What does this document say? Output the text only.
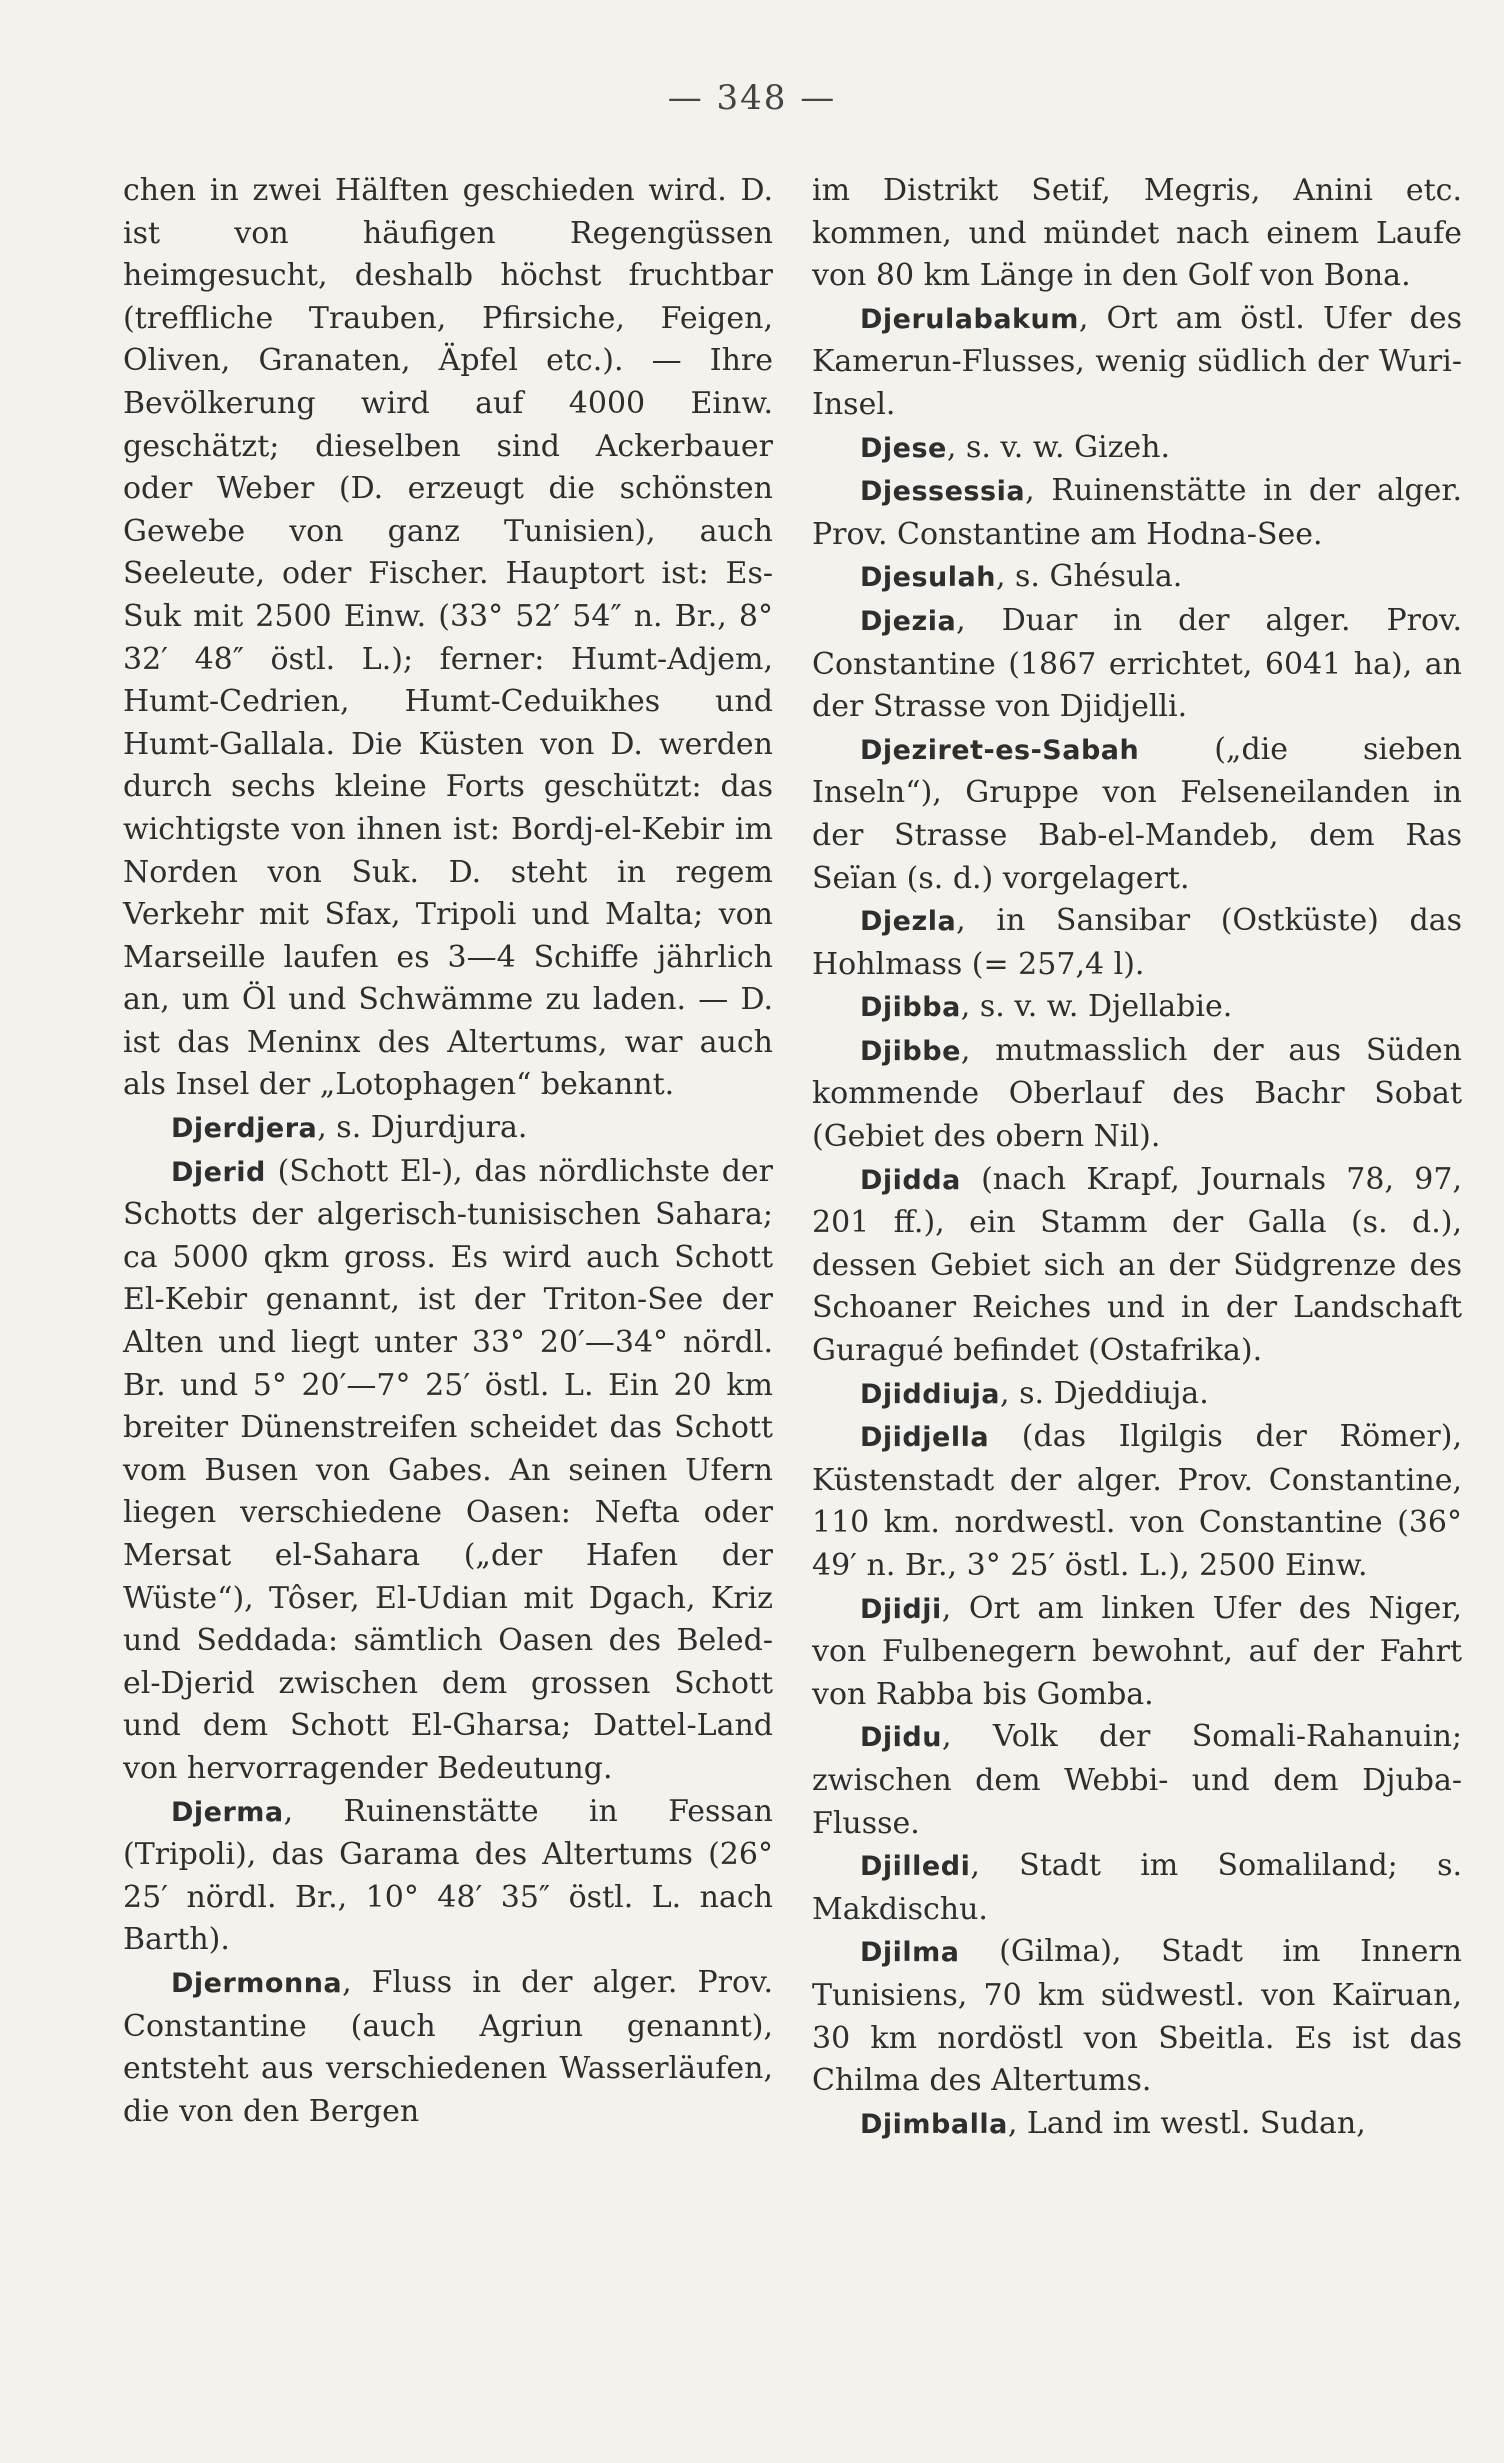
— 348 —

chen in zwei Hälften geschieden wird. D. ist von häufigen Regengüssen heimgesucht, deshalb höchst fruchtbar (treffliche Trauben, Pfirsiche, Feigen, Oliven, Granaten, Äpfel etc.). — Ihre Bevölkerung wird auf 4000 Einw. geschätzt; dieselben sind Ackerbauer oder Weber (D. erzeugt die schönsten Gewebe von ganz Tunisien), auch Seeleute, oder Fischer. Hauptort ist: Es-Suk mit 2500 Einw. (33° 52′ 54″ n. Br., 8° 32′ 48″ östl. L.); ferner: Humt-Adjem, Humt-Cedrien, Humt-Ceduikhes und Humt-Gallala. Die Küsten von D. werden durch sechs kleine Forts geschützt: das wichtigste von ihnen ist: Bordj-el-Kebir im Norden von Suk. D. steht in regem Verkehr mit Sfax, Tripoli und Malta; von Marseille laufen es 3—4 Schiffe jährlich an, um Öl und Schwämme zu laden. — D. ist das Meninx des Altertums, war auch als Insel der „Lotophagen“ bekannt.

Djerdjera, s. Djurdjura.

Djerid (Schott El-), das nördlichste der Schotts der algerisch-tunisischen Sahara; ca 5000 qkm gross. Es wird auch Schott El-Kebir genannt, ist der Triton-See der Alten und liegt unter 33° 20′—34° nördl. Br. und 5° 20′—7° 25′ östl. L. Ein 20 km breiter Dünenstreifen scheidet das Schott vom Busen von Gabes. An seinen Ufern liegen verschiedene Oasen: Nefta oder Mersat el-Sahara („der Hafen der Wüste“), Tôser, El-Udian mit Dgach, Kriz und Seddada: sämtlich Oasen des Beled-el-Djerid zwischen dem grossen Schott und dem Schott El-Gharsa; Dattel-Land von hervorragender Bedeutung.

Djerma, Ruinenstätte in Fessan (Tripoli), das Garama des Altertums (26° 25′ nördl. Br., 10° 48′ 35″ östl. L. nach Barth).

Djermonna, Fluss in der alger. Prov. Constantine (auch Agriun genannt), entsteht aus verschiedenen Wasserläufen, die von den Bergen

im Distrikt Setif, Megris, Anini etc. kommen, und mündet nach einem Laufe von 80 km Länge in den Golf von Bona.

Djerulabakum, Ort am östl. Ufer des Kamerun-Flusses, wenig südlich der Wuri-Insel.

Djese, s. v. w. Gizeh.

Djessessia, Ruinenstätte in der alger. Prov. Constantine am Hodna-See.

Djesulah, s. Ghésula.

Djezia, Duar in der alger. Prov. Constantine (1867 errichtet, 6041 ha), an der Strasse von Djidjelli.

Djeziret-es-Sabah („die sieben Inseln“), Gruppe von Felseneilanden in der Strasse Bab-el-Mandeb, dem Ras Seïan (s. d.) vorgelagert.

Djezla, in Sansibar (Ostküste) das Hohlmass (= 257,4 l).

Djibba, s. v. w. Djellabie.

Djibbe, mutmasslich der aus Süden kommende Oberlauf des Bachr Sobat (Gebiet des obern Nil).

Djidda (nach Krapf, Journals 78, 97, 201 ff.), ein Stamm der Galla (s. d.), dessen Gebiet sich an der Südgrenze des Schoaner Reiches und in der Landschaft Guragué befindet (Ostafrika).

Djiddiuja, s. Djeddiuja.

Djidjella (das Ilgilgis der Römer), Küstenstadt der alger. Prov. Constantine, 110 km. nordwestl. von Constantine (36° 49′ n. Br., 3° 25′ östl. L.), 2500 Einw.

Djidji, Ort am linken Ufer des Niger, von Fulbenegern bewohnt, auf der Fahrt von Rabba bis Gomba.

Djidu, Volk der Somali-Rahanuin; zwischen dem Webbi- und dem Djuba-Flusse.

Djilledi, Stadt im Somaliland; s. Makdischu.

Djilma (Gilma), Stadt im Innern Tunisiens, 70 km südwestl. von Kaïruan, 30 km nordöstl von Sbeitla. Es ist das Chilma des Altertums.

Djimballa, Land im westl. Sudan,
